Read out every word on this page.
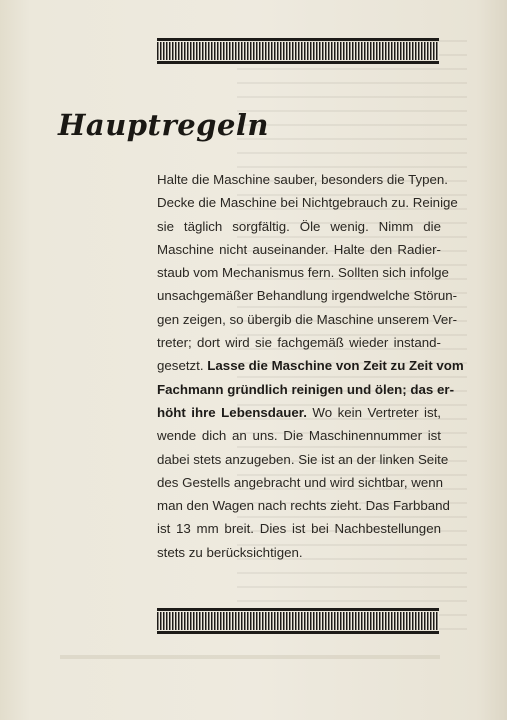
Hauptregeln

Halte die Maschine sauber, besonders die Typen.
Decke die Maschine bei Nichtgebrauch zu. Reinige
sie täglich sorgfältig. Öle wenig. Nimm die
Maschine nicht auseinander. Halte den Radier-
staub vom Mechanismus fern. Sollten sich infolge
unsachgemäßer Behandlung irgendwelche Störun-
gen zeigen, so übergib die Maschine unserem Ver-
treter; dort wird sie fachgemäß wieder instand-
gesetzt. Lasse die Maschine von Zeit zu Zeit vom
Fachmann gründlich reinigen und ölen; das er-
höht ihre Lebensdauer. Wo kein Vertreter ist,
wende dich an uns. Die Maschinennummer ist
dabei stets anzugeben. Sie ist an der linken Seite
des Gestells angebracht und wird sichtbar, wenn
man den Wagen nach rechts zieht. Das Farbband
ist 13 mm breit. Dies ist bei Nachbestellungen
stets zu berücksichtigen.
